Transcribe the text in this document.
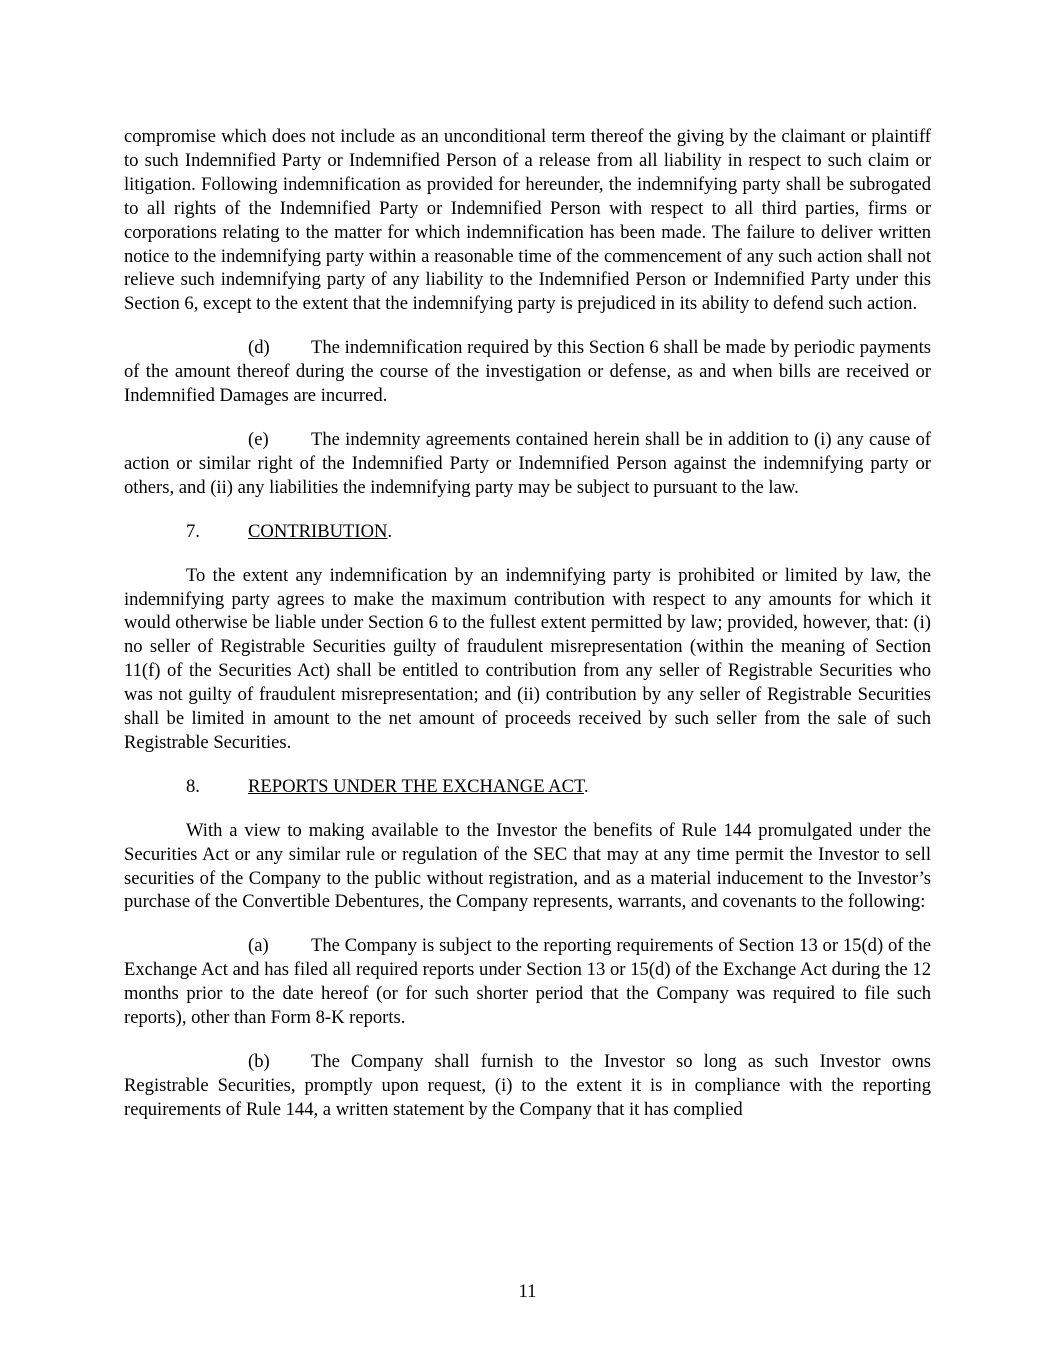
compromise which does not include as an unconditional term thereof the giving by the claimant or plaintiff to such Indemnified Party or Indemnified Person of a release from all liability in respect to such claim or litigation. Following indemnification as provided for hereunder, the indemnifying party shall be subrogated to all rights of the Indemnified Party or Indemnified Person with respect to all third parties, firms or corporations relating to the matter for which indemnification has been made. The failure to deliver written notice to the indemnifying party within a reasonable time of the commencement of any such action shall not relieve such indemnifying party of any liability to the Indemnified Person or Indemnified Party under this Section 6, except to the extent that the indemnifying party is prejudiced in its ability to defend such action.

(d) The indemnification required by this Section 6 shall be made by periodic payments of the amount thereof during the course of the investigation or defense, as and when bills are received or Indemnified Damages are incurred.

(e) The indemnity agreements contained herein shall be in addition to (i) any cause of action or similar right of the Indemnified Party or Indemnified Person against the indemnifying party or others, and (ii) any liabilities the indemnifying party may be subject to pursuant to the law.

7.	CONTRIBUTION.

To the extent any indemnification by an indemnifying party is prohibited or limited by law, the indemnifying party agrees to make the maximum contribution with respect to any amounts for which it would otherwise be liable under Section 6 to the fullest extent permitted by law; provided, however, that: (i) no seller of Registrable Securities guilty of fraudulent misrepresentation (within the meaning of Section 11(f) of the Securities Act) shall be entitled to contribution from any seller of Registrable Securities who was not guilty of fraudulent misrepresentation; and (ii) contribution by any seller of Registrable Securities shall be limited in amount to the net amount of proceeds received by such seller from the sale of such Registrable Securities.

8.	REPORTS UNDER THE EXCHANGE ACT.

With a view to making available to the Investor the benefits of Rule 144 promulgated under the Securities Act or any similar rule or regulation of the SEC that may at any time permit the Investor to sell securities of the Company to the public without registration, and as a material inducement to the Investor’s purchase of the Convertible Debentures, the Company represents, warrants, and covenants to the following:

(a) The Company is subject to the reporting requirements of Section 13 or 15(d) of the Exchange Act and has filed all required reports under Section 13 or 15(d) of the Exchange Act during the 12 months prior to the date hereof (or for such shorter period that the Company was required to file such reports), other than Form 8-K reports.

(b) The Company shall furnish to the Investor so long as such Investor owns Registrable Securities, promptly upon request, (i) to the extent it is in compliance with the reporting requirements of Rule 144, a written statement by the Company that it has complied

11
